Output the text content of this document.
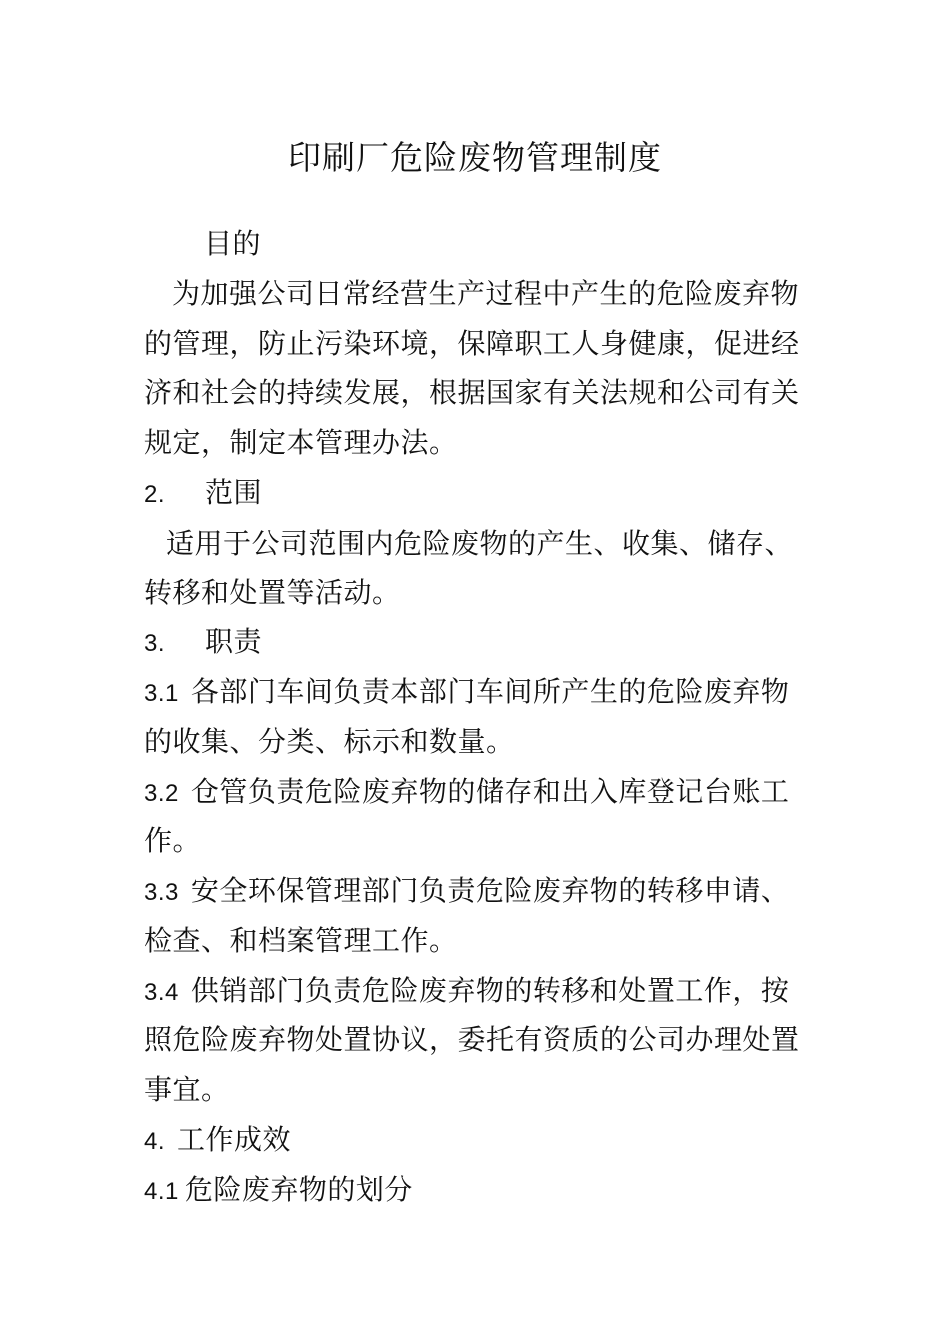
印刷厂危险废物管理制度
目的
为加强公司日常经营生产过程中产生的危险废弃物
的管理，防止污染环境，保障职工人身健康，促进经
济和社会的持续发展，根据国家有关法规和公司有关
规定，制定本管理办法。
2. 范围
适用于公司范围内危险废物的产生、收集、储存、
转移和处置等活动。
3. 职责
3.1 各部门车间负责本部门车间所产生的危险废弃物
的收集、分类、标示和数量。
3.2 仓管负责危险废弃物的储存和出入库登记台账工
作。
3.3 安全环保管理部门负责危险废弃物的转移申请、
检查、和档案管理工作。
3.4 供销部门负责危险废弃物的转移和处置工作，按
照危险废弃物处置协议，委托有资质的公司办理处置
事宜。
4. 工作成效
4.1 危险废弃物的划分
